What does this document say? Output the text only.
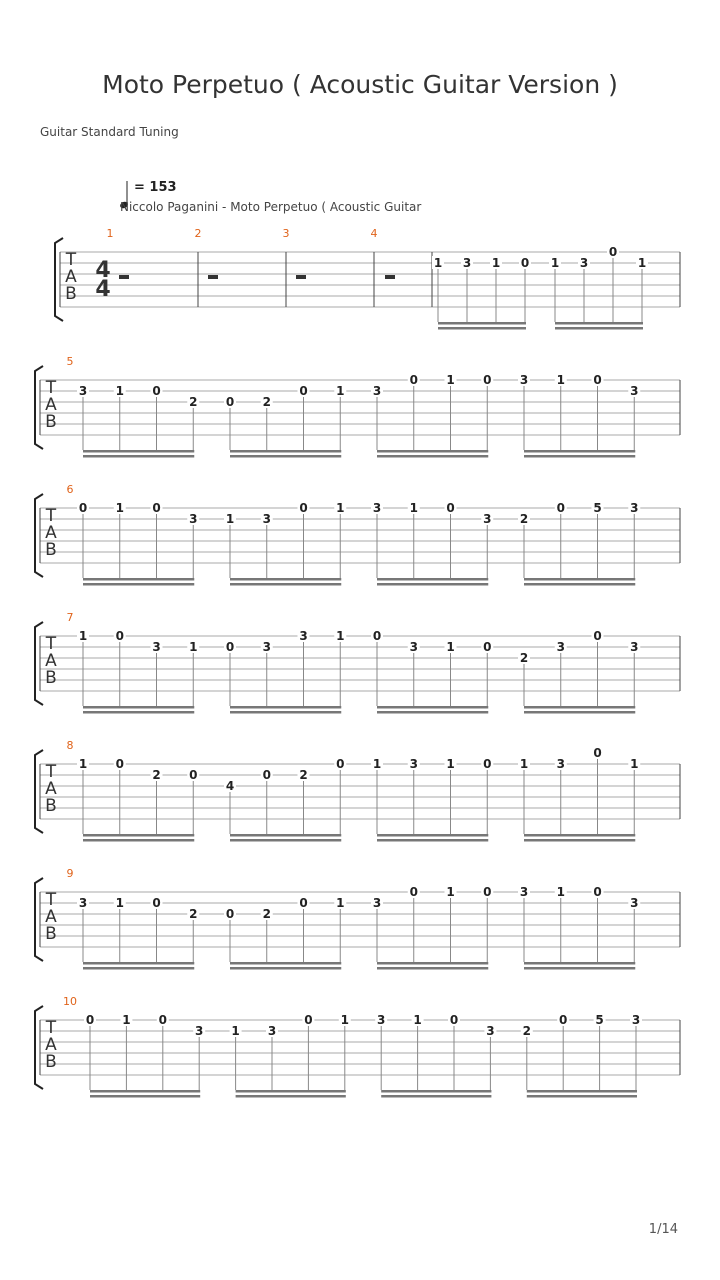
Moto Perpetuo ( Acoustic Guitar Version )
Guitar Standard Tuning
= 153
Niccolo Paganini - Moto Perpetuo ( Acoustic Guitar
T
A
B
4
4
1	2	3	4
1 3 1 0 1 3
0
1
T
A
B
5
3 1 0
2 0 2
0 1 3
0 1 0 3 1 0
3
T
A
B
6
0 1 0
3 1 3
0 1 3 1 0
3 2
0 5 3
T
A
B
7
1 0
3 1 0 3
3 1 0
3 1 0
2
3
0
3
T
A
B
8
1 0
2 0
4
0 2
0 1 3 1 0 1 3
0
1
T
A
B
9
3 1 0
2 0 2
0 1 3
0 1 0 3 1 0
3
T
A
B
10
0 1 0
3 1 3
0 1 3 1 0
3 2
0 5 3
1/14
